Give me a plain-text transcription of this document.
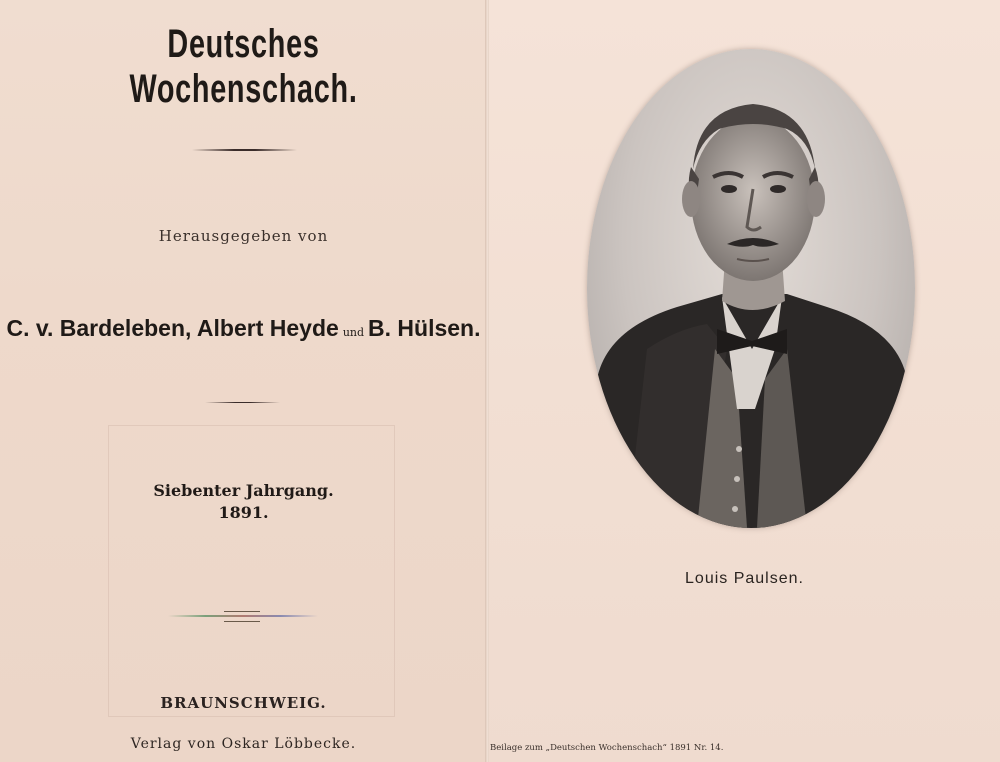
Deutsches Wochenschach.
Herausgegeben von
C. v. Bardeleben, Albert Heyde und B. Hülsen.
Siebenter Jahrgang.
1891.
BRAUNSCHWEIG.
Verlag von Oskar Löbbecke.
Louis Paulsen.
Beilage zum „Deutschen Wochenschach“ 1891 Nr. 14.
